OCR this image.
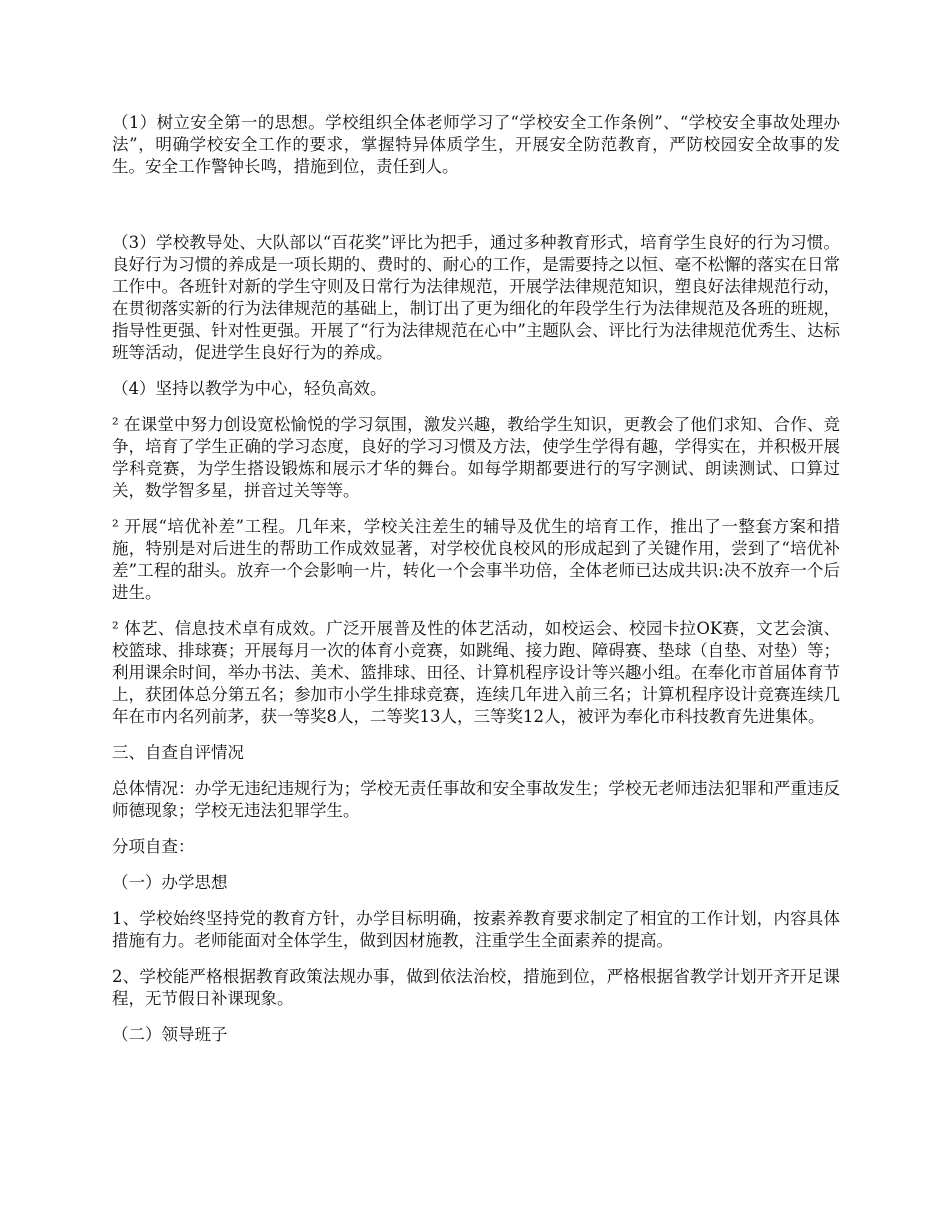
（1）树立安全第一的思想。学校组织全体老师学习了“学校安全工作条例”、“学校安全事故处理办法”，明确学校安全工作的要求，掌握特异体质学生，开展安全防范教育，严防校园安全故事的发生。安全工作警钟长鸣，措施到位，责任到人。

（3）学校教导处、大队部以“百花奖”评比为把手，通过多种教育形式，培育学生良好的行为习惯。良好行为习惯的养成是一项长期的、费时的、耐心的工作，是需要持之以恒、毫不松懈的落实在日常工作中。各班针对新的学生守则及日常行为法律规范，开展学法律规范知识，塑良好法律规范行动，在贯彻落实新的行为法律规范的基础上，制订出了更为细化的年段学生行为法律规范及各班的班规，指导性更强、针对性更强。开展了“行为法律规范在心中”主题队会、评比行为法律规范优秀生、达标班等活动，促进学生良好行为的养成。

（4）坚持以教学为中心，轻负高效。

² 在课堂中努力创设宽松愉悦的学习氛围，激发兴趣，教给学生知识，更教会了他们求知、合作、竞争，培育了学生正确的学习态度，良好的学习习惯及方法，使学生学得有趣，学得实在，并积极开展学科竞赛，为学生搭设锻炼和展示才华的舞台。如每学期都要进行的写字测试、朗读测试、口算过关，数学智多星，拼音过关等等。

² 开展“培优补差”工程。几年来，学校关注差生的辅导及优生的培育工作，推出了一整套方案和措施，特别是对后进生的帮助工作成效显著，对学校优良校风的形成起到了关键作用，尝到了“培优补差”工程的甜头。放弃一个会影响一片，转化一个会事半功倍，全体老师已达成共识:决不放弃一个后进生。

² 体艺、信息技术卓有成效。广泛开展普及性的体艺活动，如校运会、校园卡拉OK赛，文艺会演、校篮球、排球赛；开展每月一次的体育小竞赛，如跳绳、接力跑、障碍赛、垫球（自垫、对垫）等；利用课余时间，举办书法、美术、篮排球、田径、计算机程序设计等兴趣小组。在奉化市首届体育节上，获团体总分第五名；参加市小学生排球竞赛，连续几年进入前三名；计算机程序设计竞赛连续几年在市内名列前茅，获一等奖8人，二等奖13人，三等奖12人，被评为奉化市科技教育先进集体。

三、自查自评情况

总体情况：办学无违纪违规行为；学校无责任事故和安全事故发生；学校无老师违法犯罪和严重违反师德现象；学校无违法犯罪学生。

分项自查：

（一）办学思想

1、学校始终坚持党的教育方针，办学目标明确，按素养教育要求制定了相宜的工作计划，内容具体措施有力。老师能面对全体学生，做到因材施教，注重学生全面素养的提高。

2、学校能严格根据教育政策法规办事，做到依法治校，措施到位，严格根据省教学计划开齐开足课程，无节假日补课现象。

（二）领导班子
